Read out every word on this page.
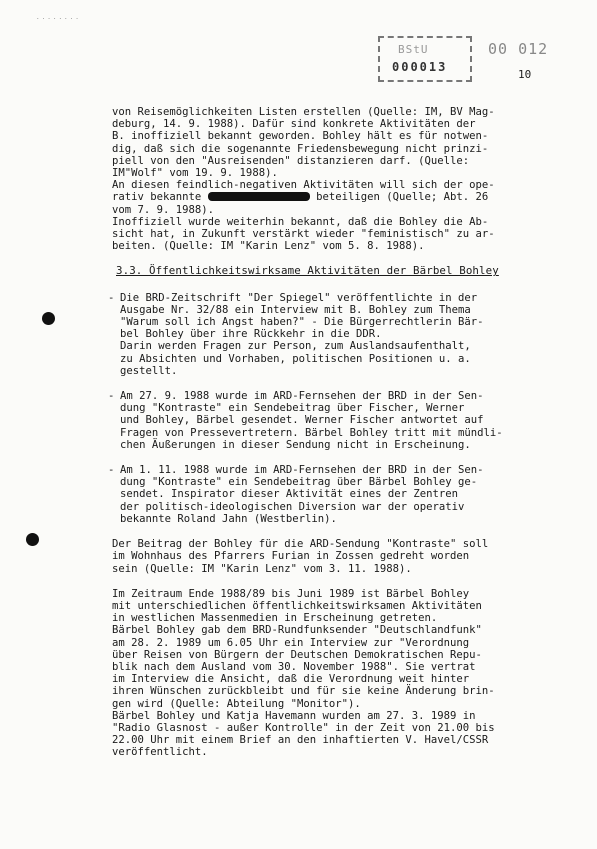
........
BStU
000013
00 012
10

von Reisemöglichkeiten Listen erstellen (Quelle: IM, BV Mag-

deburg, 14. 9. 1988). Dafür sind konkrete Aktivitäten der

B. inoffiziell bekannt geworden. Bohley hält es für notwen-

dig, daß sich die sogenannte Friedensbewegung nicht prinzi-

piell von den "Ausreisenden" distanzieren darf. (Quelle:

IM"Wolf" vom 19. 9. 1988).

An diesen feindlich-negativen Aktivitäten will sich der ope-

rativ bekannte	beteiligen (Quelle; Abt. 26

vom 7. 9. 1988).

Inoffiziell wurde weiterhin bekannt, daß die Bohley die Ab-

sicht hat, in Zukunft verstärkt wieder "feministisch" zu ar-

beiten. (Quelle: IM "Karin Lenz" vom 5. 8. 1988).

3.3. Öffentlichkeitswirksame Aktivitäten der Bärbel Bohley

- Die BRD-Zeitschrift "Der Spiegel" veröffentlichte in der

Ausgabe Nr. 32/88 ein Interview mit B. Bohley zum Thema

"Warum soll ich Angst haben?" - Die Bürgerrechtlerin Bär-

bel Bohley über ihre Rückkehr in die DDR.

Darin werden Fragen zur Person, zum Auslandsaufenthalt,

zu Absichten und Vorhaben, politischen Positionen u. a.

gestellt.

- Am 27. 9. 1988 wurde im ARD-Fernsehen der BRD in der Sen-

dung "Kontraste" ein Sendebeitrag über Fischer, Werner

und Bohley, Bärbel gesendet. Werner Fischer antwortet auf

Fragen von Pressevertretern. Bärbel Bohley tritt mit mündli-

chen Äußerungen in dieser Sendung nicht in Erscheinung.

- Am 1. 11. 1988 wurde im ARD-Fernsehen der BRD in der Sen-

dung "Kontraste" ein Sendebeitrag über Bärbel Bohley ge-

sendet. Inspirator dieser Aktivität eines der Zentren

der politisch-ideologischen Diversion war der operativ

bekannte Roland Jahn (Westberlin).

Der Beitrag der Bohley für die ARD-Sendung "Kontraste" soll

im Wohnhaus des Pfarrers Furian in Zossen gedreht worden

sein (Quelle: IM "Karin Lenz" vom 3. 11. 1988).

Im Zeitraum Ende 1988/89 bis Juni 1989 ist Bärbel Bohley

mit unterschiedlichen öffentlichkeitswirksamen Aktivitäten

in westlichen Massenmedien in Erscheinung getreten.

Bärbel Bohley gab dem BRD-Rundfunksender "Deutschlandfunk"

am 28. 2. 1989 um 6.05 Uhr ein Interview zur "Verordnung

über Reisen von Bürgern der Deutschen Demokratischen Repu-

blik nach dem Ausland vom 30. November 1988". Sie vertrat

im Interview die Ansicht, daß die Verordnung weit hinter

ihren Wünschen zurückbleibt und für sie keine Änderung brin-

gen wird (Quelle: Abteilung "Monitor").

Bärbel Bohley und Katja Havemann wurden am 27. 3. 1989 in

"Radio Glasnost - außer Kontrolle" in der Zeit von 21.00 bis

22.00 Uhr mit einem Brief an den inhaftierten V. Havel/CSSR

veröffentlicht.
